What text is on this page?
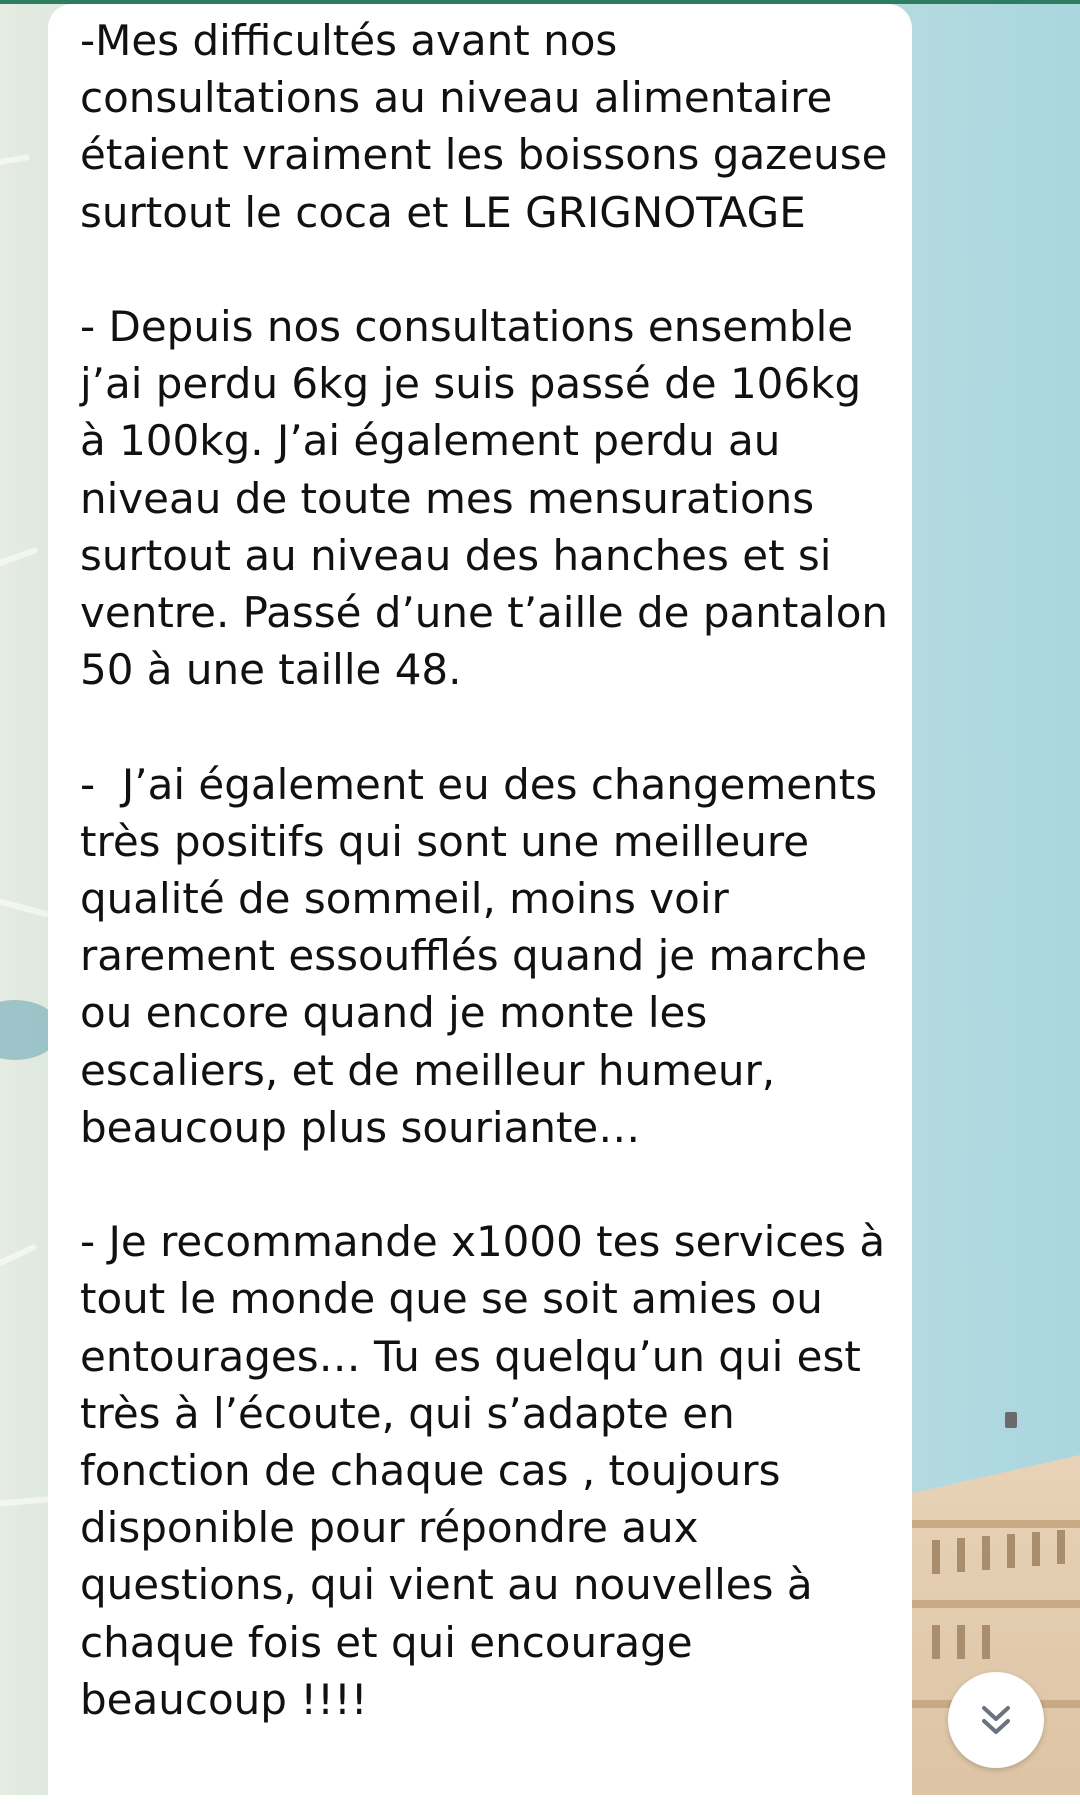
-Mes difficultés avant nos consultations au niveau alimentaire étaient vraiment les boissons gazeuse surtout le coca et LE GRIGNOTAGE

- Depuis nos consultations ensemble j’ai perdu 6kg je suis passé de 106kg à 100kg. J’ai également perdu au niveau de toute mes mensurations surtout au niveau des hanches et si ventre. Passé d’une t’aille de pantalon 50 à une taille 48.

-  J’ai également eu des changements très positifs qui sont une meilleure qualité de sommeil, moins voir rarement essoufflés quand je marche ou encore quand je monte les escaliers, et de meilleur humeur, beaucoup plus souriante…

- Je recommande x1000 tes services à tout le monde que se soit amies ou entourages… Tu es quelqu’un qui est très à l’écoute, qui s’adapte en fonction de chaque cas , toujours disponible pour répondre aux questions, qui vient au nouvelles à chaque fois et qui encourage beaucoup !!!!
